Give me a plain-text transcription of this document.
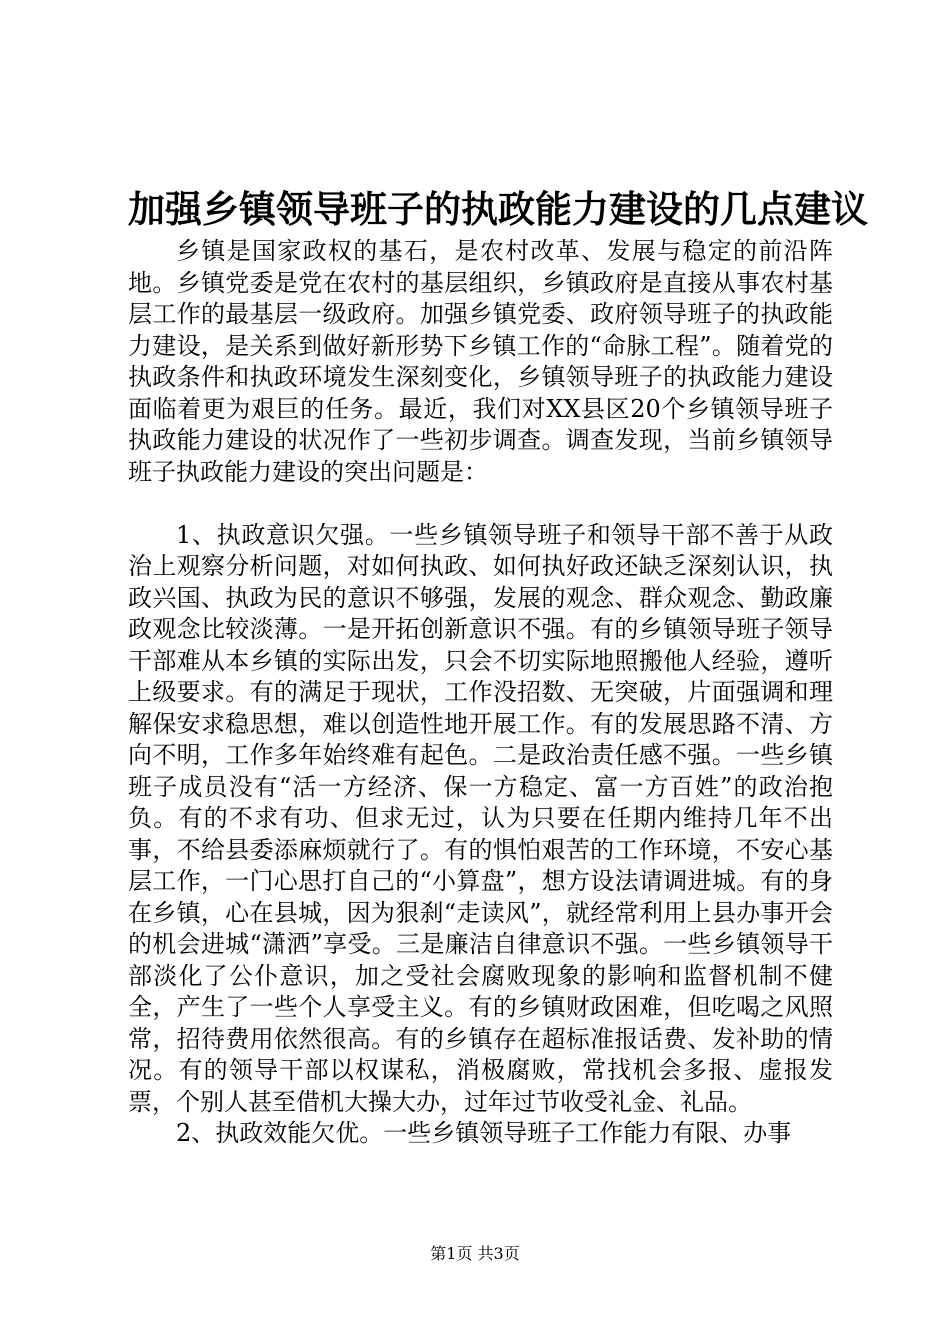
加强乡镇领导班子的执政能力建设的几点建议

乡镇是国家政权的基石，是农村改革、发展与稳定的前沿阵地。乡镇党委是党在农村的基层组织，乡镇政府是直接从事农村基层工作的最基层一级政府。加强乡镇党委、政府领导班子的执政能力建设，是关系到做好新形势下乡镇工作的“命脉工程”。随着党的执政条件和执政环境发生深刻变化，乡镇领导班子的执政能力建设面临着更为艰巨的任务。最近，我们对XX县区20个乡镇领导班子执政能力建设的状况作了一些初步调查。调查发现，当前乡镇领导班子执政能力建设的突出问题是：

1、执政意识欠强。一些乡镇领导班子和领导干部不善于从政治上观察分析问题，对如何执政、如何执好政还缺乏深刻认识，执政兴国、执政为民的意识不够强，发展的观念、群众观念、勤政廉政观念比较淡薄。一是开拓创新意识不强。有的乡镇领导班子领导干部难从本乡镇的实际出发，只会不切实际地照搬他人经验，遵听上级要求。有的满足于现状，工作没招数、无突破，片面强调和理解保安求稳思想，难以创造性地开展工作。有的发展思路不清、方向不明，工作多年始终难有起色。二是政治责任感不强。一些乡镇班子成员没有“活一方经济、保一方稳定、富一方百姓”的政治抱负。有的不求有功、但求无过，认为只要在任期内维持几年不出事，不给县委添麻烦就行了。有的惧怕艰苦的工作环境，不安心基层工作，一门心思打自己的“小算盘”，想方设法请调进城。有的身在乡镇，心在县城，因为狠刹“走读风”，就经常利用上县办事开会的机会进城“潇洒”享受。三是廉洁自律意识不强。一些乡镇领导干部淡化了公仆意识，加之受社会腐败现象的影响和监督机制不健全，产生了一些个人享受主义。有的乡镇财政困难，但吃喝之风照常，招待费用依然很高。有的乡镇存在超标准报话费、发补助的情况。有的领导干部以权谋私，消极腐败，常找机会多报、虚报发票，个别人甚至借机大操大办，过年过节收受礼金、礼品。

2、执政效能欠优。一些乡镇领导班子工作能力有限、办事

第1页 共3页
